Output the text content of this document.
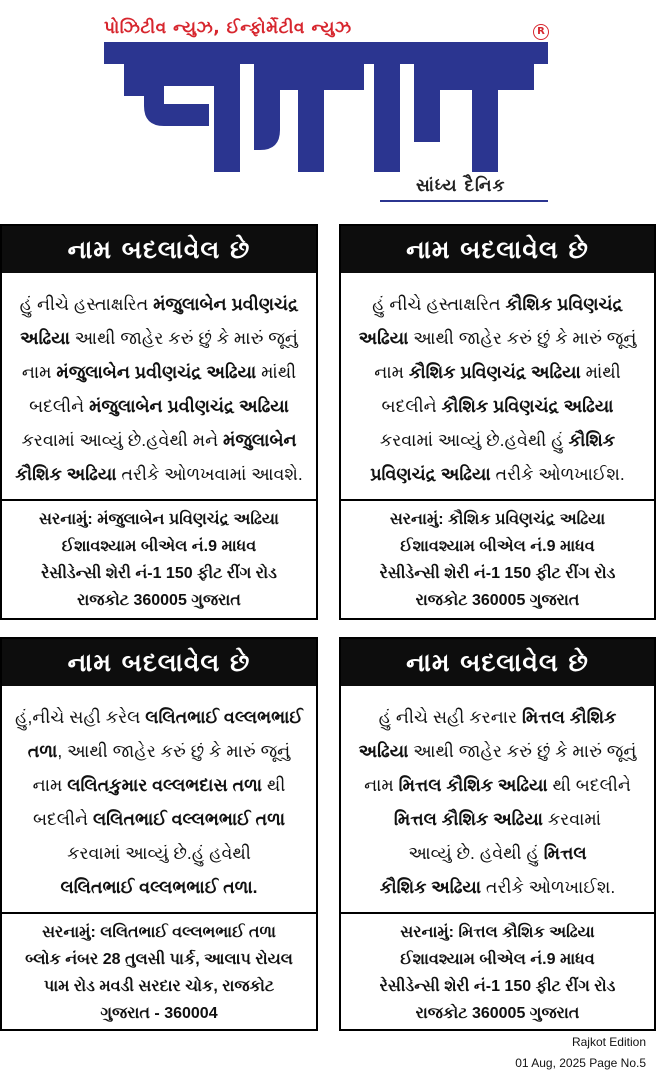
પોઝિટીવ ન્યુઝ, ઈન્ફોર્મેટીવ ન્યુઝ	R
સાંધ્ય દૈનિક
નામ બદલાવેલ છે
હું નીચે હસ્તાક્ષરિત મંજુલાબેન પ્રવીણચંદ્ર
અઢિયા આથી જાહેર કરું છું કે મારું જૂનું
નામ મંજુલાબેન પ્રવીણચંદ્ર અઢિયા માંથી
બદલીને મંજુલાબેન પ્રવીણચંદ્ર અઢિયા
કરવામાં આવ્યું છે.હવેથી મને મંજુલાબેન
કૌશિક અઢિયા તરીકે ઓળખવામાં આવશે.
સરનામું: મંજુલાબેન પ્રવિણચંદ્ર અઢિયા
ઈશાવશ્યામ બીએલ નં.9 માધવ
રેસીડેન્સી શેરી નં-1 150 ફીટ રીંગ રોડ
રાજકોટ 360005 ગુજરાત
નામ બદલાવેલ છે
હું નીચે હસ્તાક્ષરિત કૌશિક પ્રવિણચંદ્ર
અઢિયા આથી જાહેર કરું છું કે મારું જૂનું
નામ કૌશિક પ્રવિણચંદ્ર અઢિયા માંથી
બદલીને કૌશિક પ્રવિણચંદ્ર અઢિયા
કરવામાં આવ્યું છે.હવેથી હું કૌશિક
પ્રવિણચંદ્ર અઢિયા તરીકે ઓળખાઈશ.
સરનામું: કૌશિક પ્રવિણચંદ્ર અઢિયા
ઈશાવશ્યામ બીએલ નં.9 માધવ
રેસીડેન્સી શેરી નં-1 150 ફીટ રીંગ રોડ
રાજકોટ 360005 ગુજરાત
નામ બદલાવેલ છે
હું,નીચે સહી કરેલ લલિતભાઈ વલ્લભભાઈ
તળા, આથી જાહેર કરું છું કે મારું જૂનું
નામ લલિતકુમાર વલ્લભદાસ તળા થી
બદલીને લલિતભાઈ વલ્લભભાઈ તળા
કરવામાં આવ્યું છે.હું હવેથી
લલિતભાઈ વલ્લભભાઈ તળા.
સરનામું: લલિતભાઈ વલ્લભભાઈ તળા
બ્લોક નંબર 28 તુલસી પાર્ક, આલાપ રોયલ
પામ રોડ મવડી સરદાર ચોક, રાજકોટ
ગુજરાત - 360004
નામ બદલાવેલ છે
હું નીચે સહી કરનાર મિત્તલ કૌશિક
અઢિયા આથી જાહેર કરું છું કે મારું જૂનું
નામ મિત્તલ કૌશિક અઢિયા થી બદલીને
મિત્તલ કૌશિક અઢિયા કરવામાં
આવ્યું છે. હવેથી હું મિત્તલ
કૌશિક અઢિયા તરીકે ઓળખાઈશ.
સરનામું: મિત્તલ કૌશિક અઢિયા
ઈશાવશ્યામ બીએલ નં.9 માધવ
રેસીડેન્સી શેરી નં-1 150 ફીટ રીંગ રોડ
રાજકોટ 360005 ગુજરાત
Rajkot Edition
01 Aug, 2025 Page No.5
